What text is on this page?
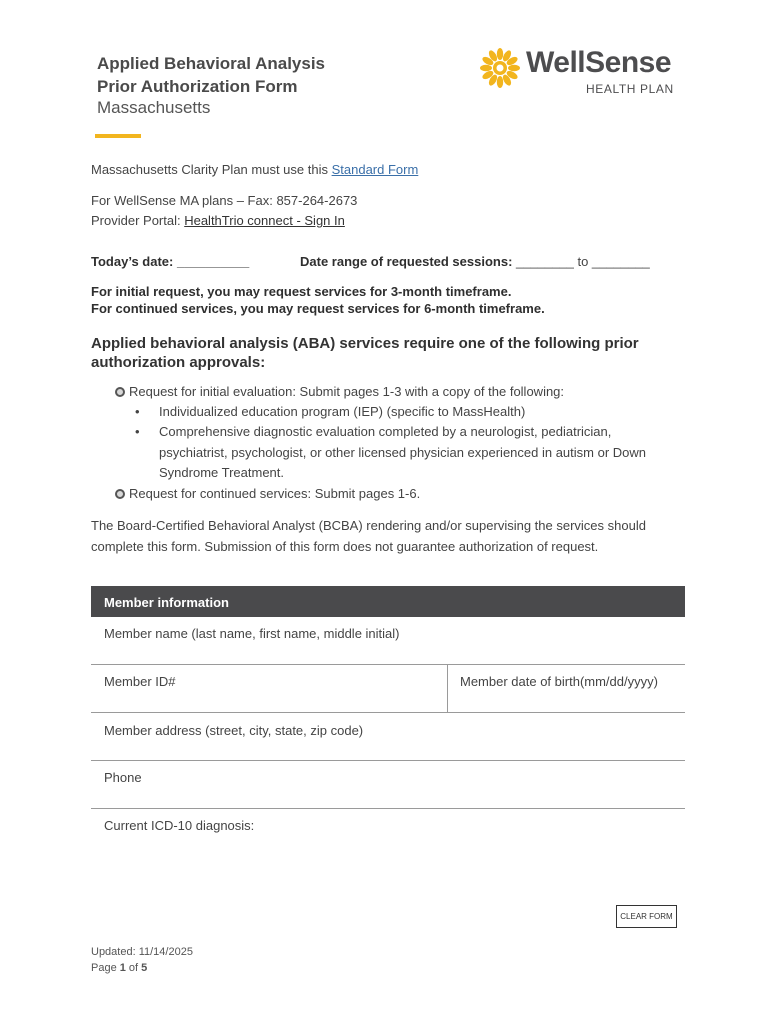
Applied Behavioral Analysis
Prior Authorization Form
Massachusetts
WellSense
HEALTH PLAN
Massachusetts Clarity Plan must use this Standard Form
For WellSense MA plans – Fax: 857-264-2673
Provider Portal: HealthTrio connect - Sign In
Today’s date: __________	Date range of requested sessions: ________ to ________
For initial request, you may request services for 3-month timeframe.
For continued services, you may request services for 6-month timeframe.
Applied behavioral analysis (ABA) services require one of the following prior authorization approvals:
Request for initial evaluation: Submit pages 1-3 with a copy of the following:
• Individualized education program (IEP) (specific to MassHealth)
• Comprehensive diagnostic evaluation completed by a neurologist, pediatrician, psychiatrist, psychologist, or other licensed physician experienced in autism or Down Syndrome Treatment.
Request for continued services: Submit pages 1-6.
The Board-Certified Behavioral Analyst (BCBA) rendering and/or supervising the services should complete this form. Submission of this form does not guarantee authorization of request.
Member information
Member name (last name, first name, middle initial)
Member ID#	Member date of birth(mm/dd/yyyy)
Member address (street, city, state, zip code)
Phone
Current ICD-10 diagnosis:
CLEAR FORM
Updated: 11/14/2025
Page 1 of 5
